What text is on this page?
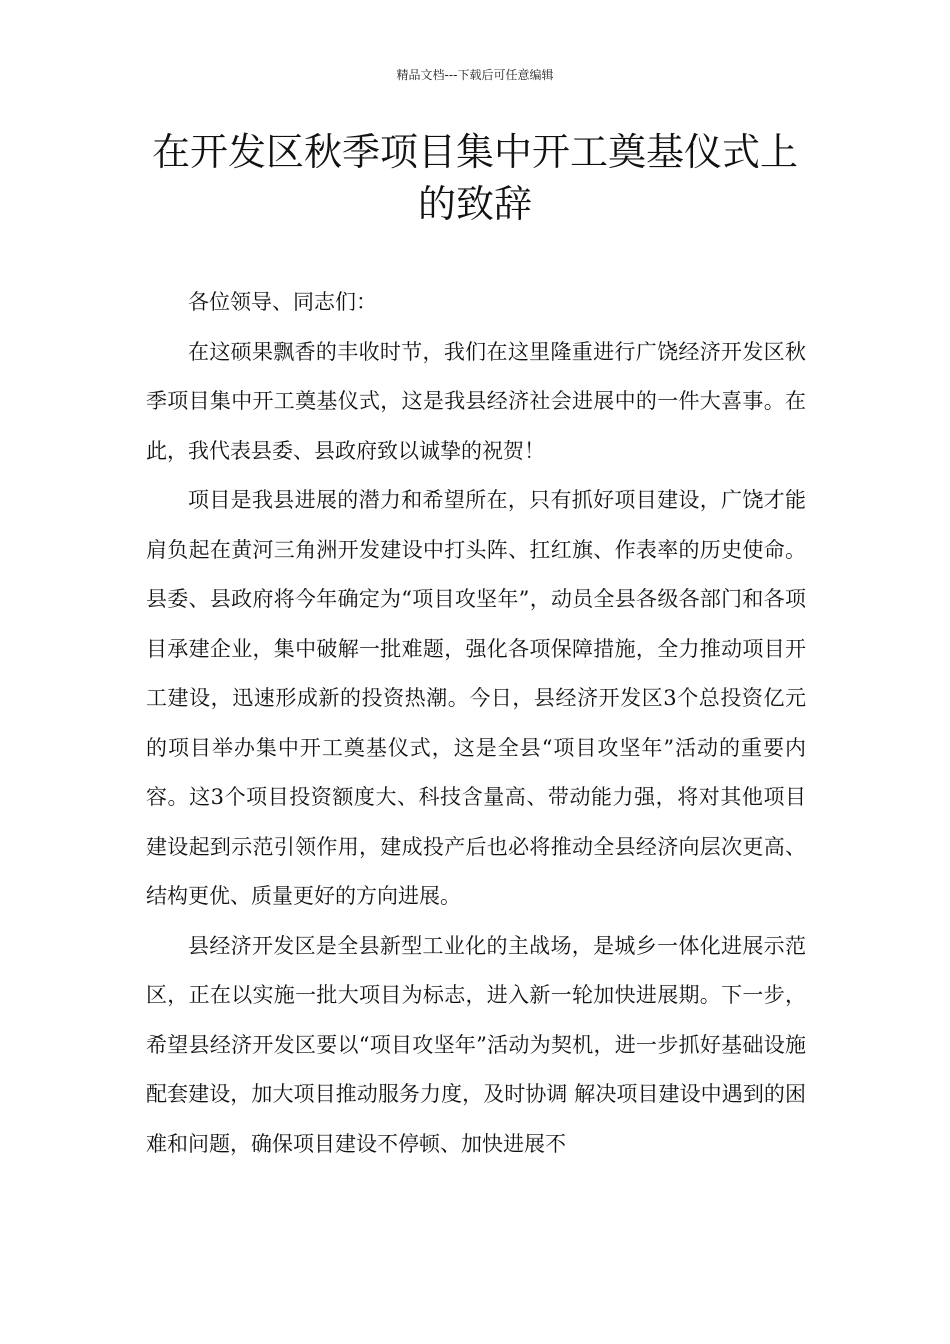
精品文档---下载后可任意编辑
在开发区秋季项目集中开工奠基仪式上的致辞

各位领导、同志们：

在这硕果飘香的丰收时节，我们在这里隆重进行广饶经济开发区秋季项目集中开工奠基仪式，这是我县经济社会进展中的一件大喜事。在此，我代表县委、县政府致以诚挚的祝贺！

项目是我县进展的潜力和希望所在，只有抓好项目建设，广饶才能肩负起在黄河三角洲开发建设中打头阵、扛红旗、作表率的历史使命。县委、县政府将今年确定为“项目攻坚年”，动员全县各级各部门和各项目承建企业，集中破解一批难题，强化各项保障措施，全力推动项目开工建设，迅速形成新的投资热潮。今日，县经济开发区3个总投资亿元的项目举办集中开工奠基仪式，这是全县“项目攻坚年”活动的重要内容。这3个项目投资额度大、科技含量高、带动能力强，将对其他项目建设起到示范引领作用，建成投产后也必将推动全县经济向层次更高、结构更优、质量更好的方向进展。

县经济开发区是全县新型工业化的主战场，是城乡一体化进展示范区，正在以实施一批大项目为标志，进入新一轮加快进展期。下一步，希望县经济开发区要以“项目攻坚年”活动为契机，进一步抓好基础设施配套建设，加大项目推动服务力度，及时协调 解决项目建设中遇到的困难和问题，确保项目建设不停顿、加快进展不
